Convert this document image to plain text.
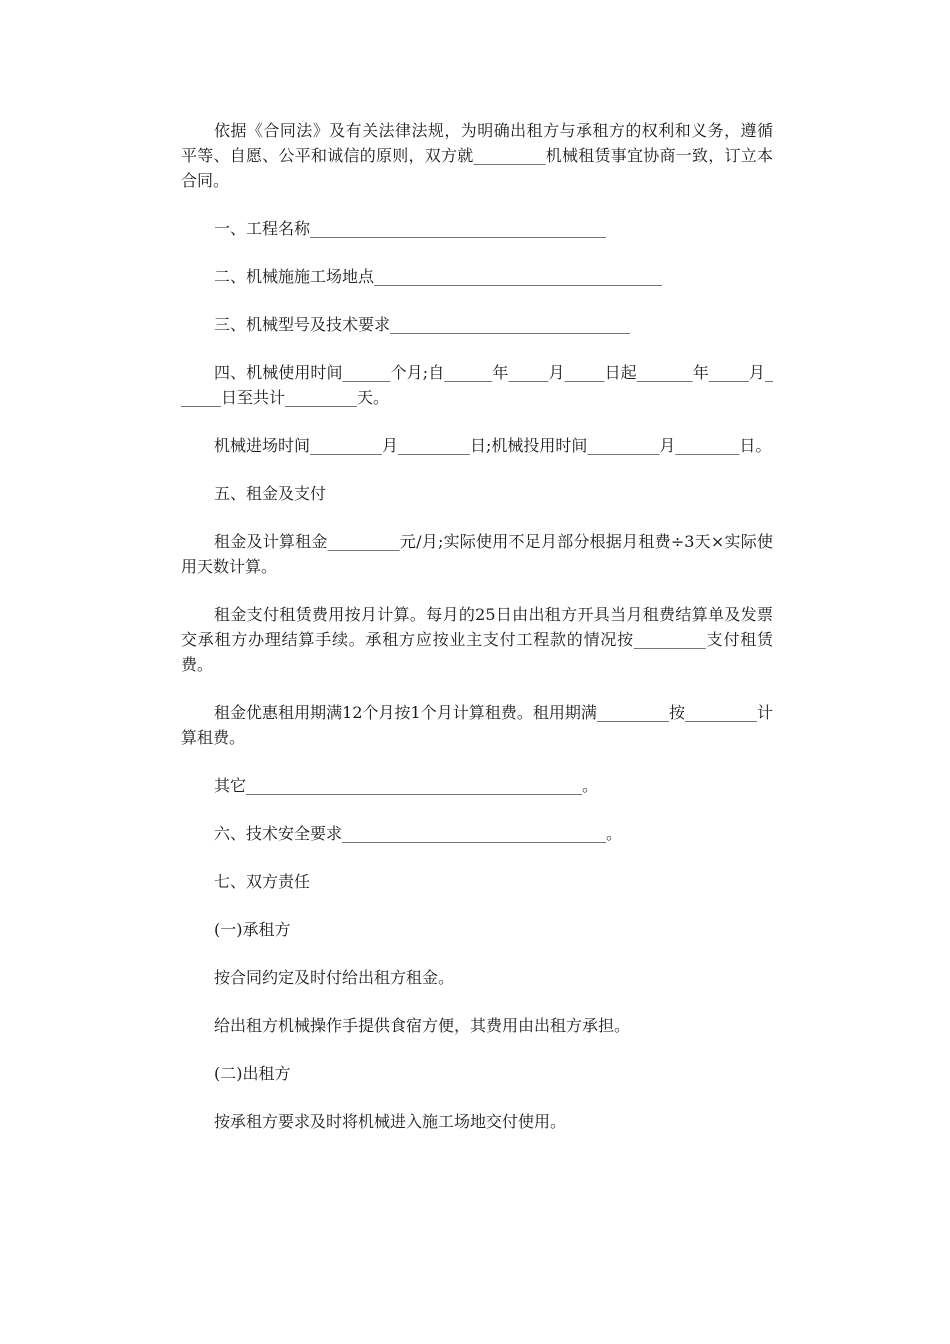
依据《合同法》及有关法律法规，为明确出租方与承租方的权利和义务，遵循平等、自愿、公平和诚信的原则，双方就_________机械租赁事宜协商一致，订立本合同。

一、工程名称_____________________________________

二、机械施施工场地点____________________________________

三、机械型号及技术要求______________________________

四、机械使用时间______个月;自______年_____月_____日起_______年_____月______日至共计_________天。

机械进场时间_________月_________日;机械投用时间_________月________日。

五、租金及支付

租金及计算租金_________元/月;实际使用不足月部分根据月租费÷3天×实际使用天数计算。

租金支付租赁费用按月计算。每月的25日由出租方开具当月租费结算单及发票交承租方办理结算手续。承租方应按业主支付工程款的情况按_________支付租赁费。

租金优惠租用期满12个月按1个月计算租费。租用期满_________按_________计算租费。

其它__________________________________________。

六、技术安全要求_________________________________。

七、双方责任

(一)承租方

按合同约定及时付给出租方租金。

给出租方机械操作手提供食宿方便，其费用由出租方承担。

(二)出租方

按承租方要求及时将机械进入施工场地交付使用。
